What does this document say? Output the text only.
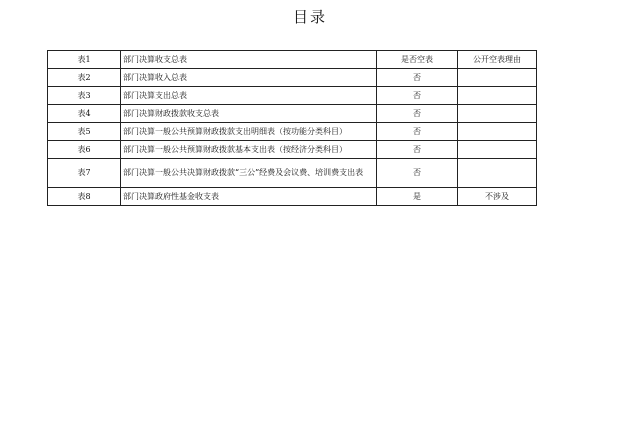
目录
表1	部门决算收支总表	是否空表	公开空表理由
表2	部门决算收入总表	否	
表3	部门决算支出总表	否	
表4	部门决算财政拨款收支总表	否	
表5	部门决算一般公共预算财政拨款支出明细表（按功能分类科目）	否	
表6	部门决算一般公共预算财政拨款基本支出表（按经济分类科目）	否	
表7	部门决算一般公共决算财政拨款“三公”经费及会议费、培训费支出表	否	
表8	部门决算政府性基金收支表	是	不涉及
